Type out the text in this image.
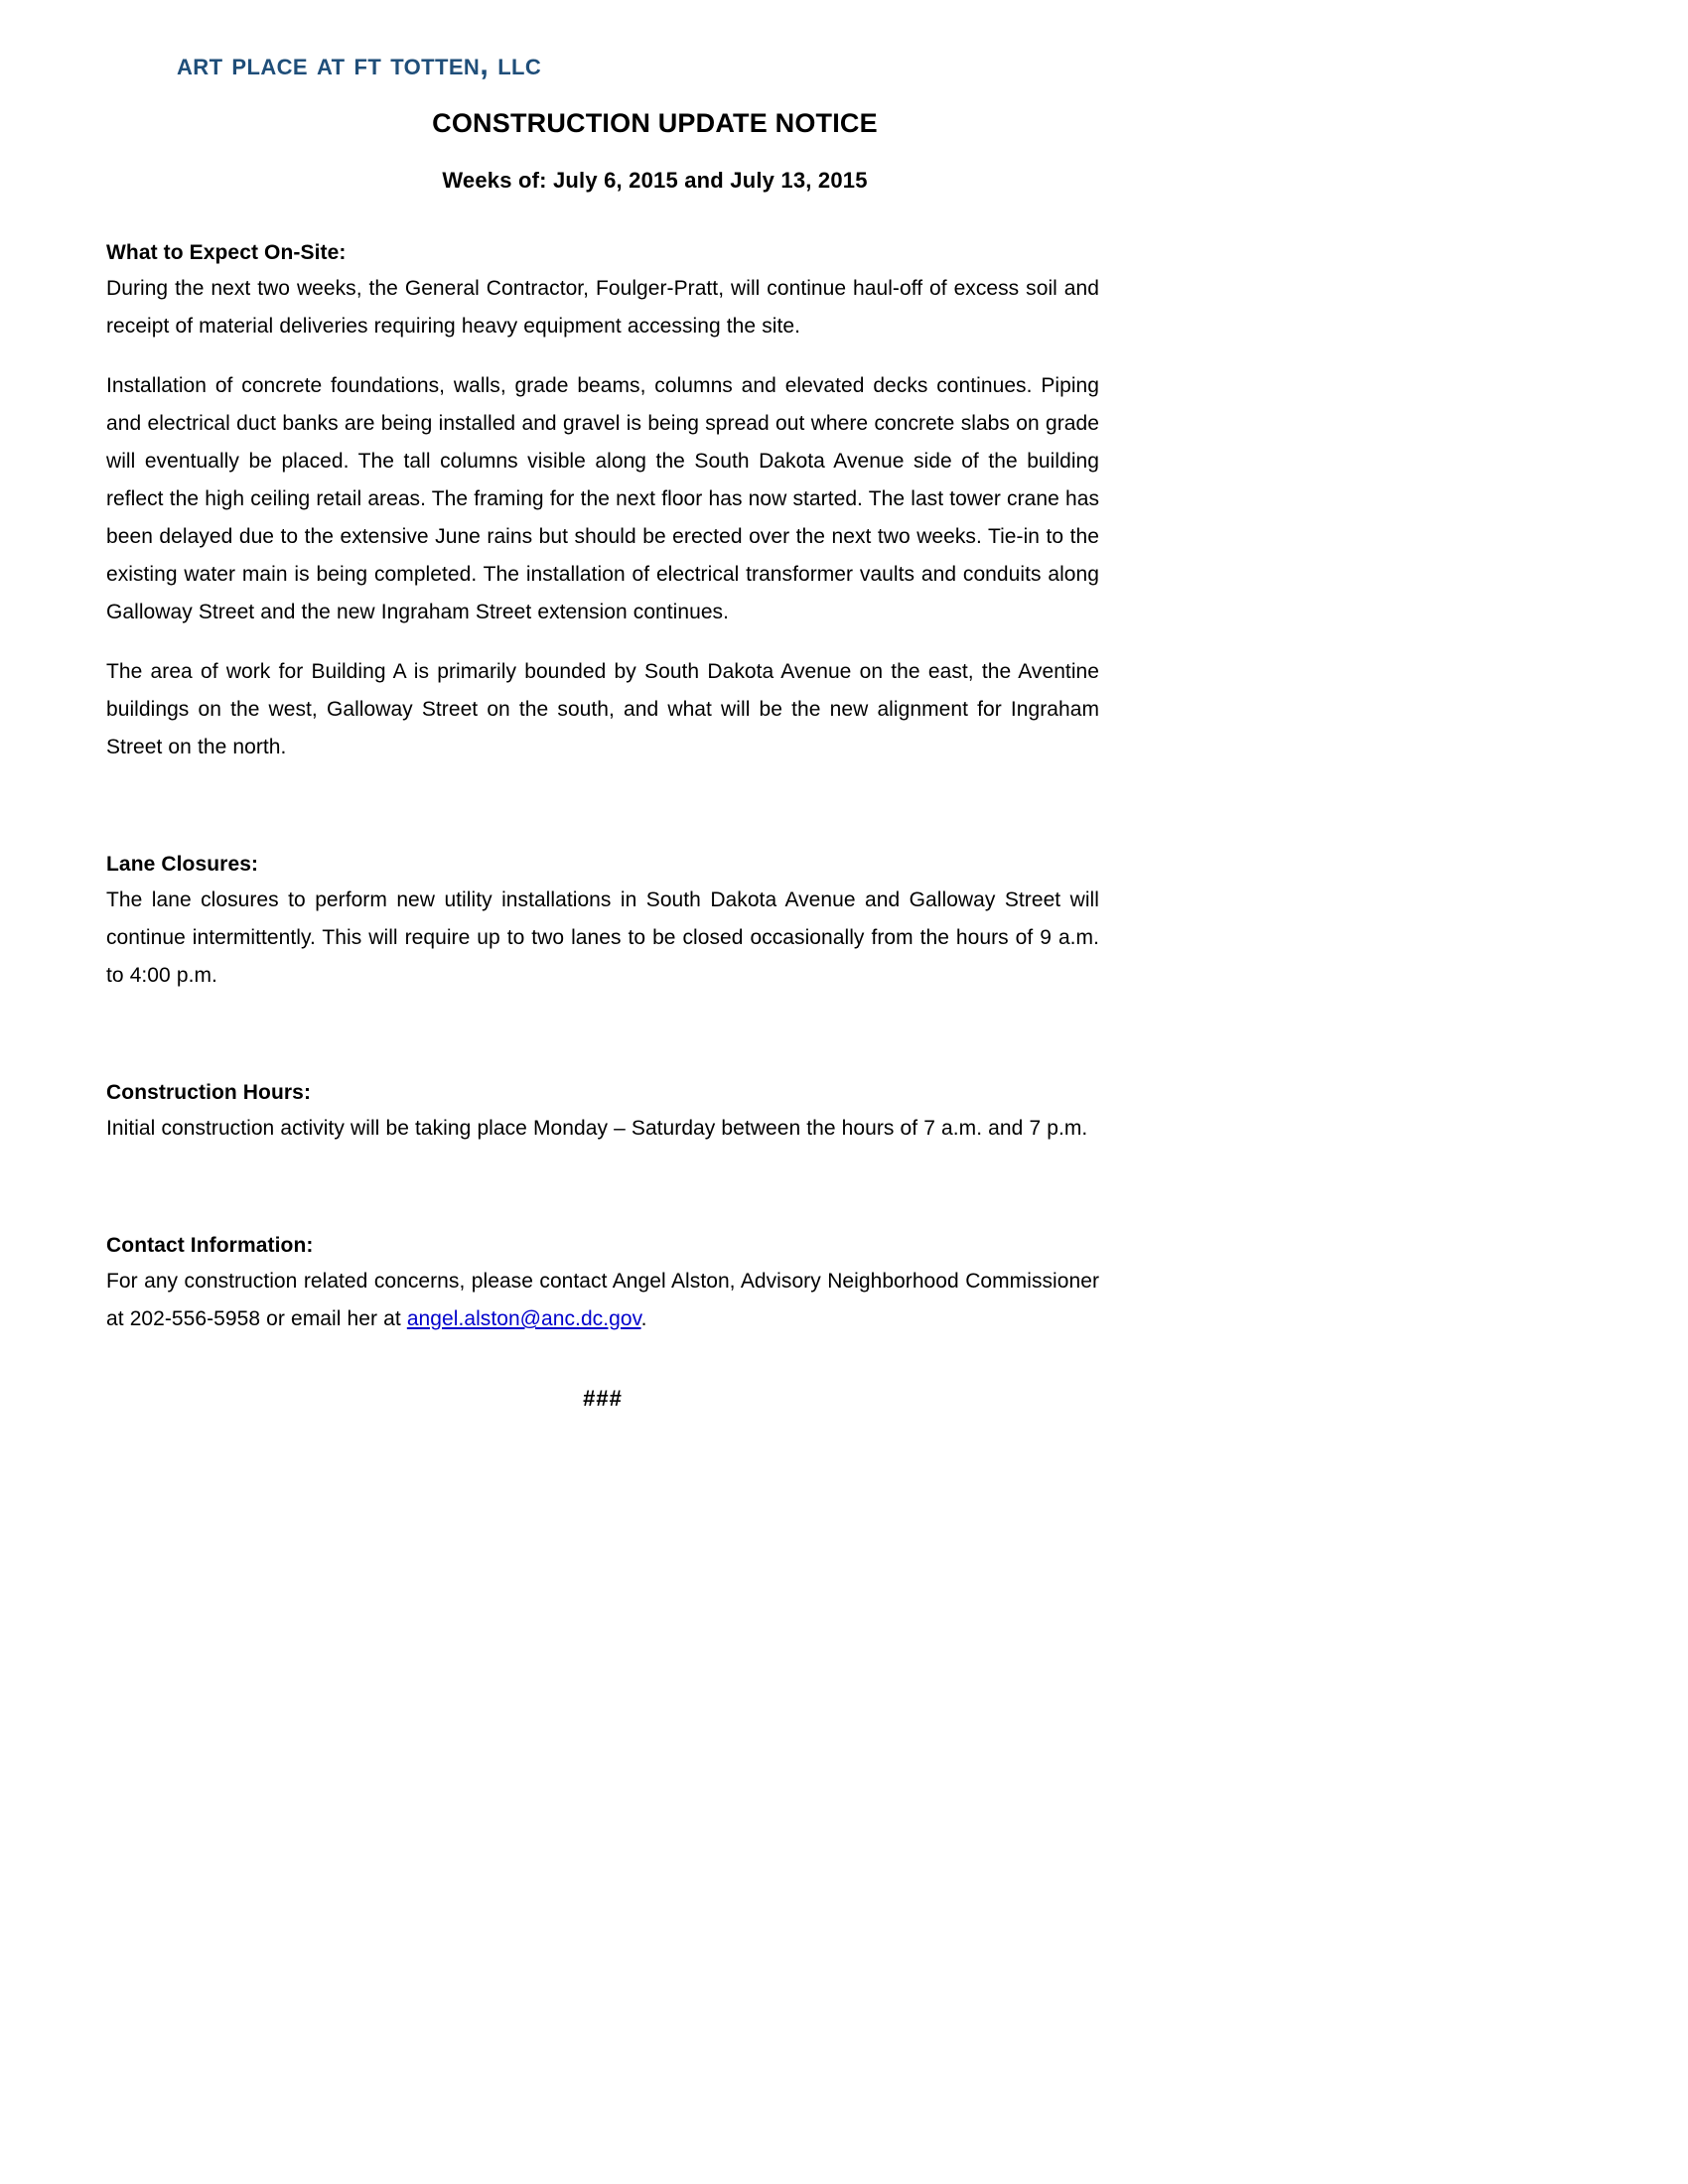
art place at ft totten, llc
CONSTRUCTION UPDATE NOTICE
Weeks of: July 6, 2015 and July 13, 2015
What to Expect On-Site:

During the next two weeks, the General Contractor, Foulger-Pratt, will continue haul-off of excess soil and receipt of material deliveries requiring heavy equipment accessing the site.

Installation of concrete foundations, walls, grade beams, columns and elevated decks continues. Piping and electrical duct banks are being installed and gravel is being spread out where concrete slabs on grade will eventually be placed. The tall columns visible along the South Dakota Avenue side of the building reflect the high ceiling retail areas. The framing for the next floor has now started. The last tower crane has been delayed due to the extensive June rains but should be erected over the next two weeks. Tie-in to the existing water main is being completed. The installation of electrical transformer vaults and conduits along Galloway Street and the new Ingraham Street extension continues.

The area of work for Building A is primarily bounded by South Dakota Avenue on the east, the Aventine buildings on the west, Galloway Street on the south, and what will be the new alignment for Ingraham Street on the north.

Lane Closures:

The lane closures to perform new utility installations in South Dakota Avenue and Galloway Street will continue intermittently. This will require up to two lanes to be closed occasionally from the hours of 9 a.m. to 4:00 p.m.

Construction Hours:

Initial construction activity will be taking place Monday – Saturday between the hours of 7 a.m. and 7 p.m.

Contact Information:

For any construction related concerns, please contact Angel Alston, Advisory Neighborhood Commissioner at 202-556-5958 or email her at angel.alston@anc.dc.gov.

###
